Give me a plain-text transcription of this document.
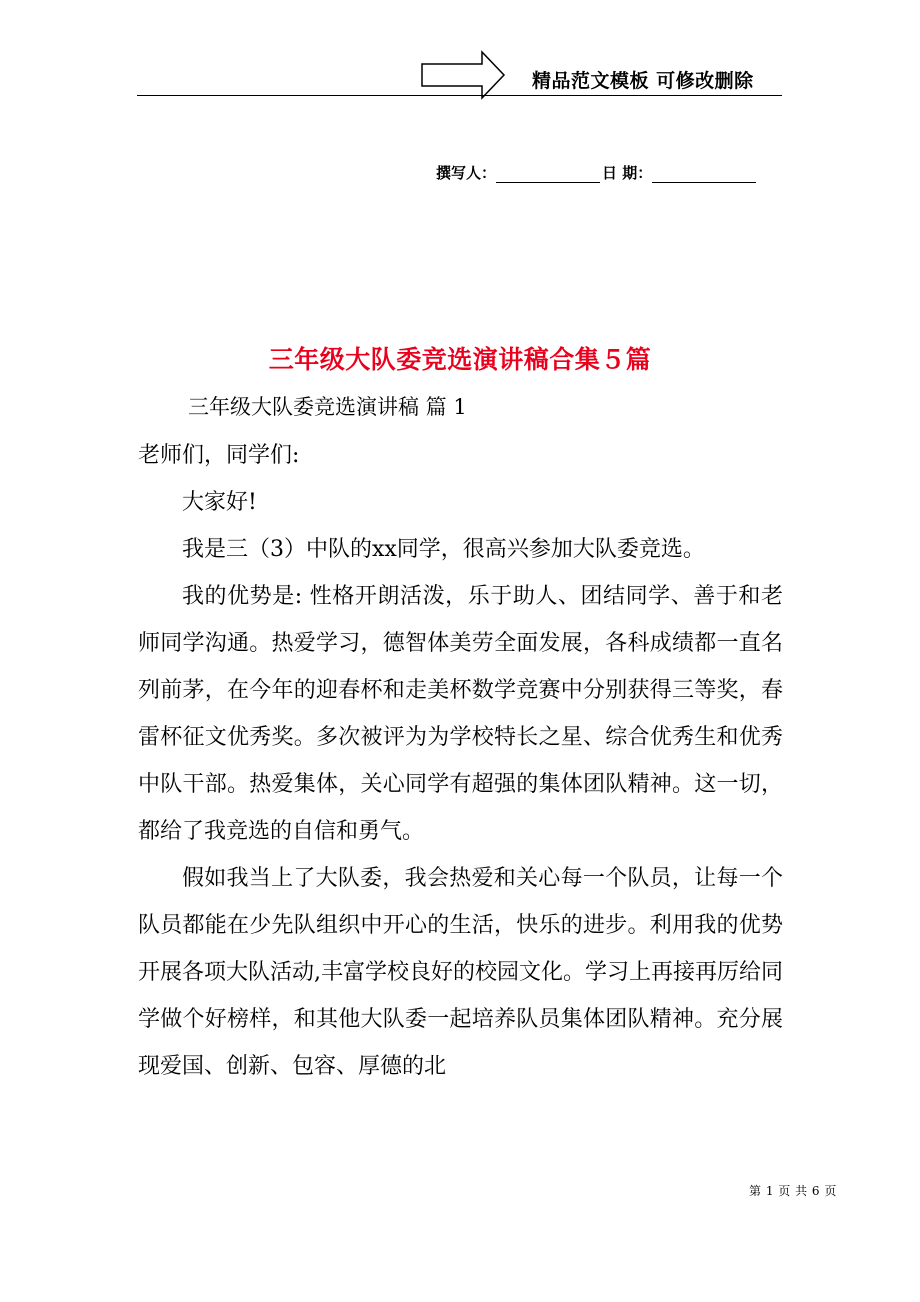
精品范文模板 可修改删除
撰写人：	日 期：
三年级大队委竞选演讲稿合集５篇
三年级大队委竞选演讲稿 篇 1

老师们，同学们:

大家好!

我是三（3）中队的xx同学，很高兴参加大队委竞选。

我的优势是: 性格开朗活泼，乐于助人、团结同学、善于和老师同学沟通。热爱学习，德智体美劳全面发展，各科成绩都一直名列前茅，在今年的迎春杯和走美杯数学竞赛中分别获得三等奖，春雷杯征文优秀奖。多次被评为为学校特长之星、综合优秀生和优秀中队干部。热爱集体，关心同学有超强的集体团队精神。这一切，都给了我竞选的自信和勇气。

假如我当上了大队委，我会热爱和关心每一个队员，让每一个队员都能在少先队组织中开心的生活，快乐的进步。利用我的优势开展各项大队活动,丰富学校良好的校园文化。学习上再接再厉给同学做个好榜样，和其他大队委一起培养队员集体团队精神。充分展现爱国、创新、包容、厚德的北

第 1 页 共 6 页
